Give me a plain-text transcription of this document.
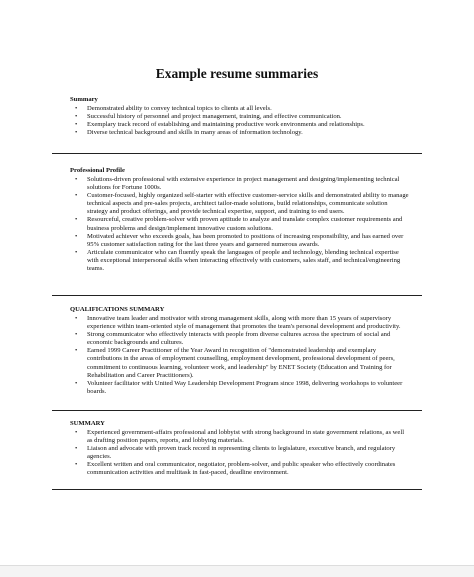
Example resume summaries
Summary
• Demonstrated ability to convey technical topics to clients at all levels.
• Successful history of personnel and project management, training, and effective communication.
• Exemplary track record of establishing and maintaining productive work environments and relationships.
• Diverse technical background and skills in many areas of information technology.
Professional Profile
• Solutions-driven professional with extensive experience in project management and designing/implementing technical solutions for Fortune 1000s.
• Customer-focused, highly organized self-starter with effective customer-service skills and demonstrated ability to manage technical aspects and pre-sales projects, architect tailor-made solutions, build relationships, communicate solution strategy and product offerings, and provide technical expertise, support, and training to end users.
• Resourceful, creative problem-solver with proven aptitude to analyze and translate complex customer requirements and business problems and design/implement innovative custom solutions.
• Motivated achiever who exceeds goals, has been promoted to positions of increasing responsibility, and has earned over 95% customer satisfaction rating for the last three years and garnered numerous awards.
• Articulate communicator who can fluently speak the languages of people and technology, blending technical expertise with exceptional interpersonal skills when interacting effectively with customers, sales staff, and technical/engineering teams.
QUALIFICATIONS SUMMARY
• Innovative team leader and motivator with strong management skills, along with more than 15 years of supervisory experience within team-oriented style of management that promotes the team's personal development and productivity.
• Strong communicator who effectively interacts with people from diverse cultures across the spectrum of social and economic backgrounds and cultures.
• Earned 1999 Career Practitioner of the Year Award in recognition of "demonstrated leadership and exemplary contributions in the areas of employment counselling, employment development, professional development of peers, commitment to continuous learning, volunteer work, and leadership" by ENET Society (Education and Training for Rehabilitation and Career Practitioners).
• Volunteer facilitator with United Way Leadership Development Program since 1998, delivering workshops to volunteer boards.
SUMMARY
• Experienced government-affairs professional and lobbyist with strong background in state government relations, as well as drafting position papers, reports, and lobbying materials.
• Liaison and advocate with proven track record in representing clients to legislature, executive branch, and regulatory agencies.
• Excellent written and oral communicator, negotiator, problem-solver, and public speaker who effectively coordinates communication activities and multitask in fast-paced, deadline environment.
